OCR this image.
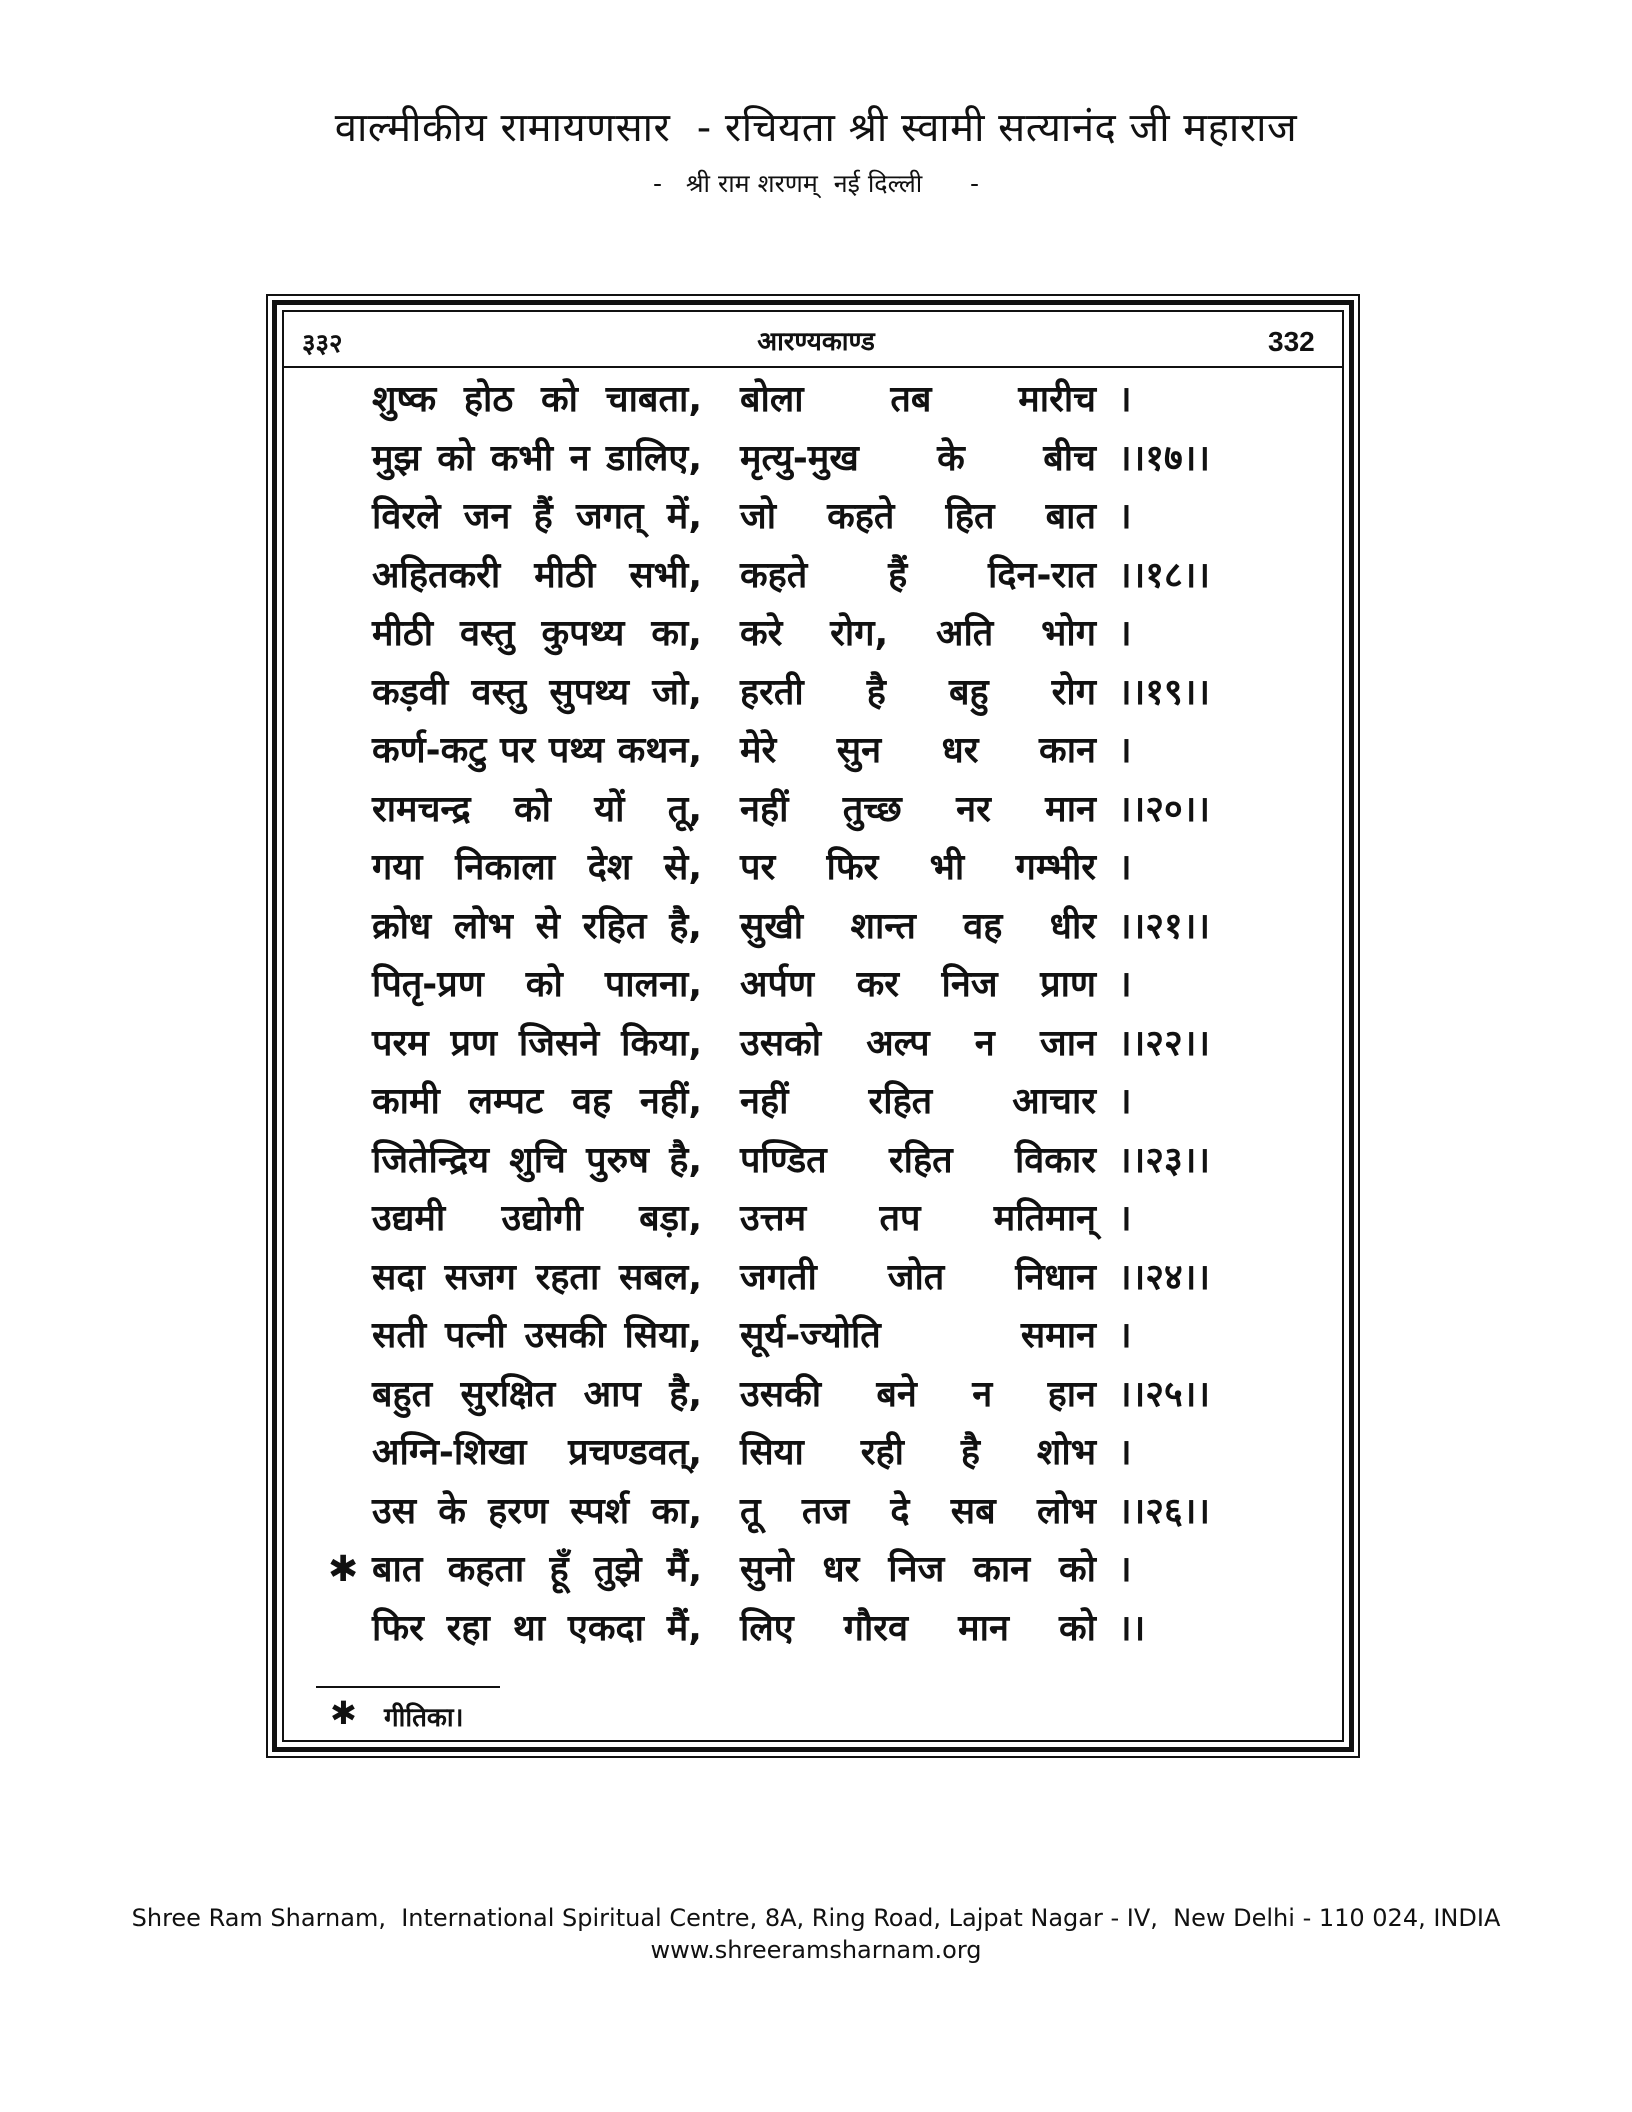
वाल्मीकीय रामायणसार  - रचियता श्री स्वामी सत्यानंद जी महाराज
-   श्री राम शरणम्  नई दिल्ली      -
३३२	आरण्यकाण्ड	332
शुष्क होठ को चाबता, बोला तब मारीच ।
मुझ को कभी न डालिए, मृत्यु-मुख के बीच ।।१७।।
विरले जन हैं जगत् में, जो कहते हित बात ।
अहितकरी मीठी सभी, कहते हैं दिन-रात ।।१८।।
मीठी वस्तु कुपथ्य का, करे रोग, अति भोग ।
कड़वी वस्तु सुपथ्य जो, हरती है बहु रोग ।।१९।।
कर्ण-कटु पर पथ्य कथन, मेरे सुन धर कान ।
रामचन्द्र को यों तू, नहीं तुच्छ नर मान ।।२०।।
गया निकाला देश से, पर फिर भी गम्भीर ।
क्रोध लोभ से रहित है, सुखी शान्त वह धीर ।।२१।।
पितृ-प्रण को पालना, अर्पण कर निज प्राण ।
परम प्रण जिसने किया, उसको अल्प न जान ।।२२।।
कामी लम्पट वह नहीं, नहीं रहित आचार ।
जितेन्द्रिय शुचि पुरुष है, पण्डित रहित विकार ।।२३।।
उद्यमी उद्योगी बड़ा, उत्तम तप मतिमान् ।
सदा सजग रहता सबल, जगती जोत निधान ।।२४।।
सती पत्नी उसकी सिया, सूर्य-ज्योति समान ।
बहुत सुरक्षित आप है, उसकी बने न हान ।।२५।।
अग्नि-शिखा प्रचण्डवत्, सिया रही है शोभ ।
उस के हरण स्पर्श का, तू तज दे सब लोभ ।।२६।।
✱ बात कहता हूँ तुझे मैं, सुनो धर निज कान को ।
फिर रहा था एकदा मैं, लिए गौरव मान को ।।
✱ गीतिका।
Shree Ram Sharnam,  International Spiritual Centre, 8A, Ring Road, Lajpat Nagar - IV,  New Delhi - 110 024, INDIA
www.shreeramsharnam.org
